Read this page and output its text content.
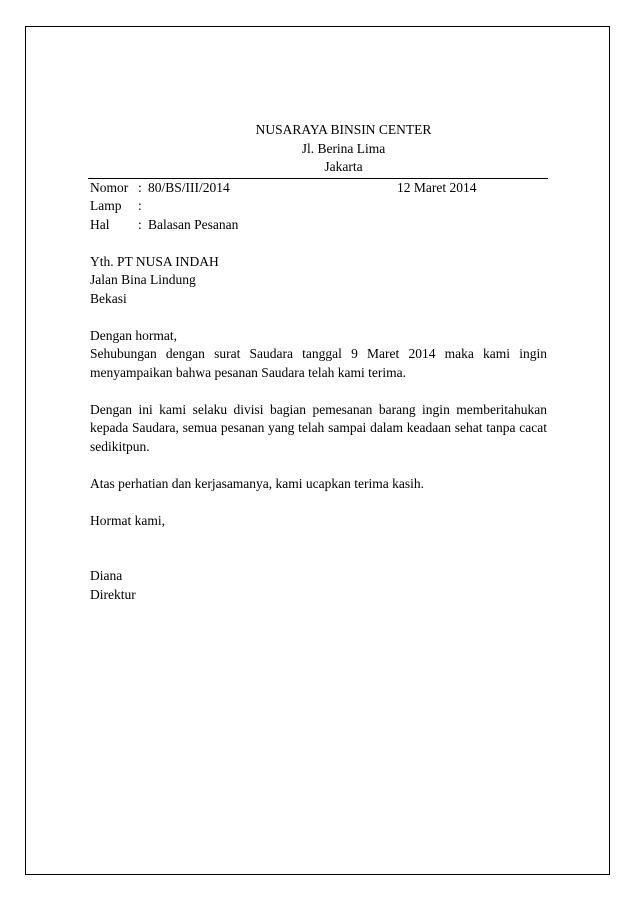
NUSARAYA BINSIN CENTER
Jl. Berina Lima
Jakarta
Nomor : 80/BS/III/2014	12 Maret 2014
Lamp :
Hal : Balasan Pesanan
Yth. PT NUSA INDAH
Jalan Bina Lindung
Bekasi
Dengan hormat,

Sehubungan dengan surat Saudara tanggal 9 Maret 2014 maka kami ingin menyampaikan bahwa pesanan Saudara telah kami terima.

Dengan ini kami selaku divisi bagian pemesanan barang ingin memberitahukan kepada Saudara, semua pesanan yang telah sampai dalam keadaan sehat tanpa cacat sedikitpun.

Atas perhatian dan kerjasamanya, kami ucapkan terima kasih.

Hormat kami,
Diana
Direktur
